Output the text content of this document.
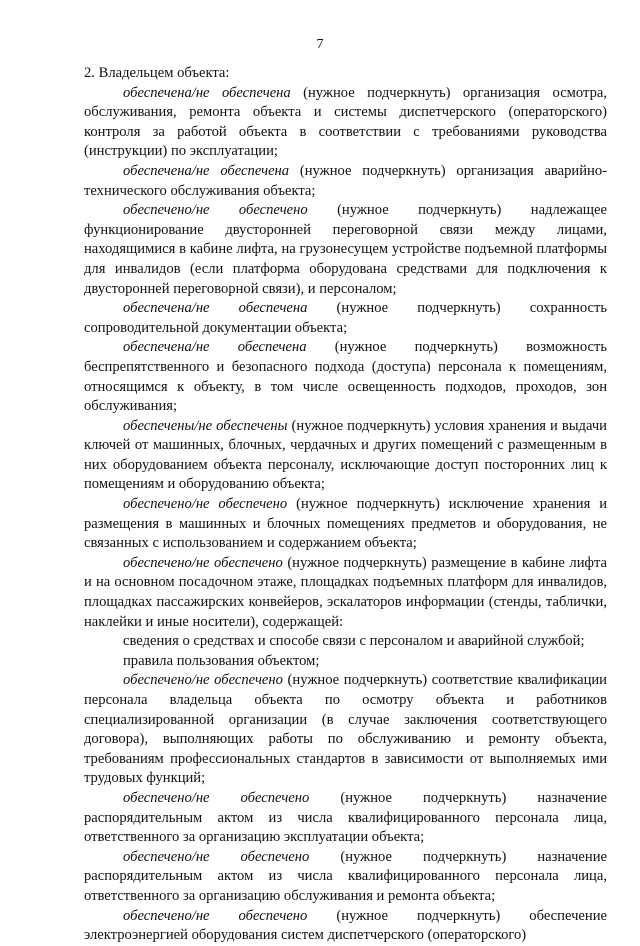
7

2. Владельцем объекта:

обеспечена/не обеспечена (нужное подчеркнуть) организация осмотра, обслуживания, ремонта объекта и системы диспетчерского (операторского) контроля за работой объекта в соответствии с требованиями руководства (инструкции) по эксплуатации;

обеспечена/не обеспечена (нужное подчеркнуть) организация аварийно-технического обслуживания объекта;

обеспечено/не обеспечено (нужное подчеркнуть) надлежащее функционирование двусторонней переговорной связи между лицами, находящимися в кабине лифта, на грузонесущем устройстве подъемной платформы для инвалидов (если платформа оборудована средствами для подключения к двусторонней переговорной связи), и персоналом;

обеспечена/не обеспечена (нужное подчеркнуть) сохранность сопроводительной документации объекта;

обеспечена/не обеспечена (нужное подчеркнуть) возможность беспрепятственного и безопасного подхода (доступа) персонала к помещениям, относящимся к объекту, в том числе освещенность подходов, проходов, зон обслуживания;

обеспечены/не обеспечены (нужное подчеркнуть) условия хранения и выдачи ключей от машинных, блочных, чердачных и других помещений с размещенным в них оборудованием объекта персоналу, исключающие доступ посторонних лиц к помещениям и оборудованию объекта;

обеспечено/не обеспечено (нужное подчеркнуть) исключение хранения и размещения в машинных и блочных помещениях предметов и оборудования, не связанных с использованием и содержанием объекта;

обеспечено/не обеспечено (нужное подчеркнуть) размещение в кабине лифта и на основном посадочном этаже, площадках подъемных платформ для инвалидов, площадках пассажирских конвейеров, эскалаторов информации (стенды, таблички, наклейки и иные носители), содержащей:

сведения о средствах и способе связи с персоналом и аварийной службой;

правила пользования объектом;

обеспечено/не обеспечено (нужное подчеркнуть) соответствие квалификации персонала владельца объекта по осмотру объекта и работников специализированной организации (в случае заключения соответствующего договора), выполняющих работы по обслуживанию и ремонту объекта, требованиям профессиональных стандартов в зависимости от выполняемых ими трудовых функций;

обеспечено/не обеспечено (нужное подчеркнуть) назначение распорядительным актом из числа квалифицированного персонала лица, ответственного за организацию эксплуатации объекта;

обеспечено/не обеспечено (нужное подчеркнуть) назначение распорядительным актом из числа квалифицированного персонала лица, ответственного за организацию обслуживания и ремонта объекта;

обеспечено/не обеспечено (нужное подчеркнуть) обеспечение электроэнергией оборудования систем диспетчерского (операторского)
